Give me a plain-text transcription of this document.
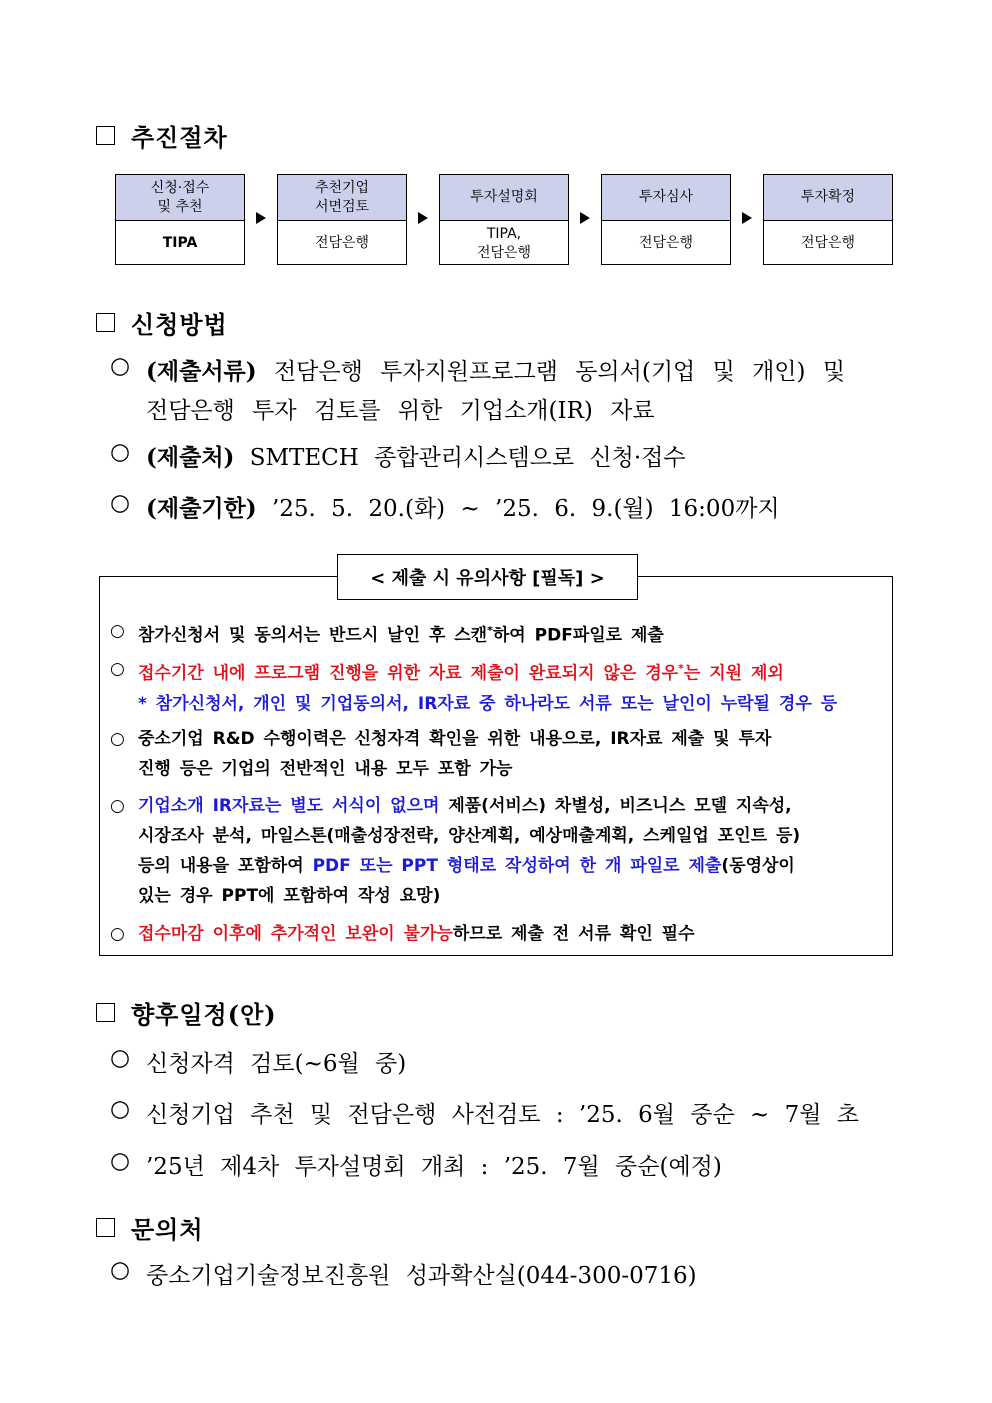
추진절차
신청·접수
및 추천
TIPA
추천기업
서면검토
전담은행
투자설명회
TIPA,
전담은행
투자심사
전담은행
투자확정
전담은행
신청방법
○ (제출서류) 전담은행 투자지원프로그램 동의서(기업 및 개인) 및
전담은행 투자 검토를 위한 기업소개(IR) 자료
○ (제출처) SMTECH 종합관리시스템으로 신청·접수
○ (제출기한) ’25. 5. 20.(화) ~ ’25. 6. 9.(월) 16:00까지
< 제출 시 유의사항 [필독] >
○ 참가신청서 및 동의서는 반드시 날인 후 스캔*하여 PDF파일로 제출
○ 접수기간 내에 프로그램 진행을 위한 자료 제출이 완료되지 않은 경우*는 지원 제외
* 참가신청서, 개인 및 기업동의서, IR자료 중 하나라도 서류 또는 날인이 누락될 경우 등
○ 중소기업 R&D 수행이력은 신청자격 확인을 위한 내용으로, IR자료 제출 및 투자
진행 등은 기업의 전반적인 내용 모두 포함 가능
○ 기업소개 IR자료는 별도 서식이 없으며 제품(서비스) 차별성, 비즈니스 모델 지속성,
시장조사 분석, 마일스톤(매출성장전략, 양산계획, 예상매출계획, 스케일업 포인트 등)
등의 내용을 포함하여 PDF 또는 PPT 형태로 작성하여 한 개 파일로 제출(동영상이
있는 경우 PPT에 포함하여 작성 요망)
○ 접수마감 이후에 추가적인 보완이 불가능하므로 제출 전 서류 확인 필수
향후일정(안)
○ 신청자격 검토(~6월 중)
○ 신청기업 추천 및 전담은행 사전검토 : ’25. 6월 중순 ~ 7월 초
○ ’25년 제4차 투자설명회 개최 : ’25. 7월 중순(예정)
문의처
○ 중소기업기술정보진흥원 성과확산실(044-300-0716)
